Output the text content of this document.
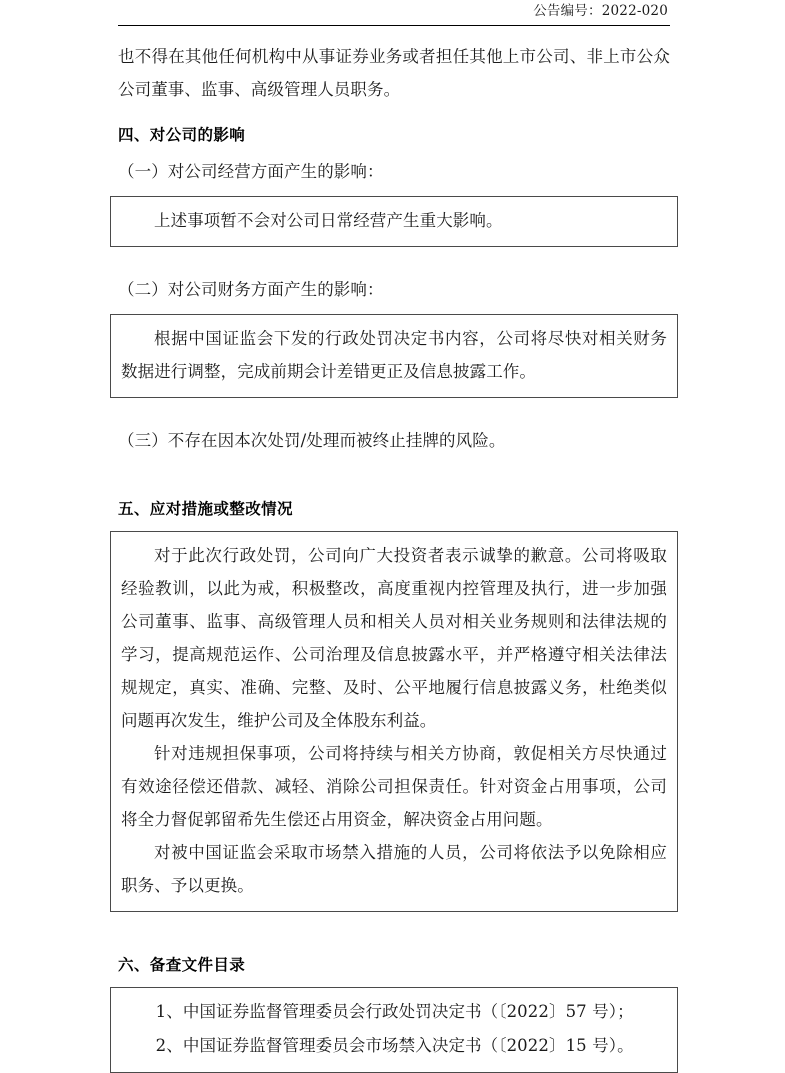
公告编号：2022-020

也不得在其他任何机构中从事证券业务或者担任其他上市公司、非上市公众公司董事、监事、高级管理人员职务。

四、对公司的影响

（一）对公司经营方面产生的影响：

上述事项暂不会对公司日常经营产生重大影响。

（二）对公司财务方面产生的影响：

根据中国证监会下发的行政处罚决定书内容，公司将尽快对相关财务数据进行调整，完成前期会计差错更正及信息披露工作。

（三）不存在因本次处罚/处理而被终止挂牌的风险。

五、应对措施或整改情况

对于此次行政处罚，公司向广大投资者表示诚挚的歉意。公司将吸取经验教训，以此为戒，积极整改，高度重视内控管理及执行，进一步加强公司董事、监事、高级管理人员和相关人员对相关业务规则和法律法规的学习，提高规范运作、公司治理及信息披露水平，并严格遵守相关法律法规规定，真实、准确、完整、及时、公平地履行信息披露义务，杜绝类似问题再次发生，维护公司及全体股东利益。

针对违规担保事项，公司将持续与相关方协商，敦促相关方尽快通过有效途径偿还借款、减轻、消除公司担保责任。针对资金占用事项，公司将全力督促郭留希先生偿还占用资金，解决资金占用问题。

对被中国证监会采取市场禁入措施的人员，公司将依法予以免除相应职务、予以更换。

六、备查文件目录

1、中国证券监督管理委员会行政处罚决定书（〔2022〕57 号）；

2、中国证券监督管理委员会市场禁入决定书（〔2022〕15 号）。
